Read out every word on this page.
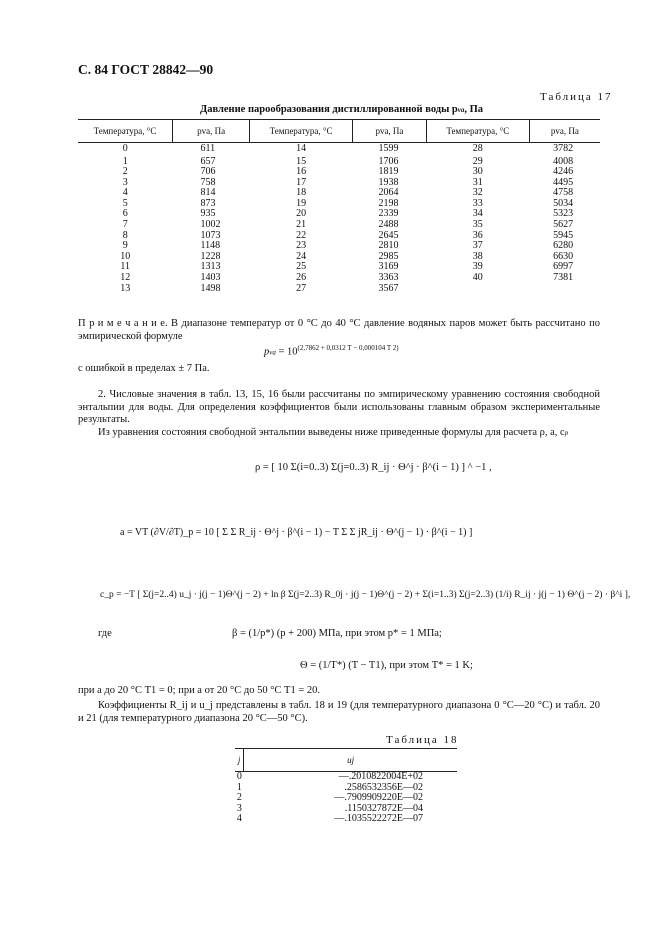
С. 84 ГОСТ 28842—90
Таблица 17
Давление парообразования дистиллированной воды pva, Па
Температура, °С	pva, Па	Температура, °С	pva, Па	Температура, °С	pva, Па
0	611	14	1599	28	3782
1	657	15	1706	29	4008
2	706	16	1819	30	4246
3	758	17	1938	31	4495
4	814	18	2064	32	4758
5	873	19	2198	33	5034
6	935	20	2339	34	5323
7	1002	21	2488	35	5627
8	1073	22	2645	36	5945
9	1148	23	2810	37	6280
10	1228	24	2985	38	6630
11	1313	25	3169	39	6997
12	1403	26	3363	40	7381
13	1498	27	3567		
П р и м е ч а н и е. В диапазоне температур от 0 °С до 40 °С давление водяных паров может быть рассчитано по эмпирической формуле
pva = $10^{(2,7862 + 0,0312 T - 0,000104 T 2)}$
с ошибкой в пределах ± 7 Па.
2. Числовые значения в табл. 13, 15, 16 были рассчитаны по эмпирическому уравнению состояния свободной энтальпии для воды. Для определения коэффициентов были использованы главным образом экспериментальные результаты.
Из уравнения состояния свободной энтальпии выведены ниже приведенные формулы для расчета ρ, a, cp
ρ = [ 10 Σ(i=0..3) Σ(j=0..3) R_ij · Θ^j · β^(i − 1) ] ^ −1 ,
a = VT (∂V/∂T)_p = 10 [ Σ Σ R_ij · Θ^j · β^(i − 1) − T Σ Σ jR_ij · Θ^(j − 1) · β^(i − 1) ]
c_p = −T [ Σ(j=2..4) u_j · j(j − 1)Θ^(j − 2) + ln β Σ(j=2..3) R_0j · j(j − 1)Θ^(j − 2) + Σ(i=1..3) Σ(j=2..3) (1/i) R_ij · j(j − 1) Θ^(j − 2) · β^i ],
где	β = (1/p*) (p + 200) МПа, при этом p* = 1 МПа;
Θ = (1/T*) (T − T1), при этом T* = 1 K;
при a до 20 °С T1 = 0; при a от 20 °С до 50 °С T1 = 20.
Коэффициенты R_ij и u_j представлены в табл. 18 и 19 (для температурного диапазона 0 °С—20 °С) и табл. 20 и 21 (для температурного диапазона 20 °С—50 °С).
Таблица 18
j	uj
0	—.2010822004E+02
1	.2586532356E—02
2	—.7909909220E—02
3	.1150327872E—04
4	—.1035522272E—07
